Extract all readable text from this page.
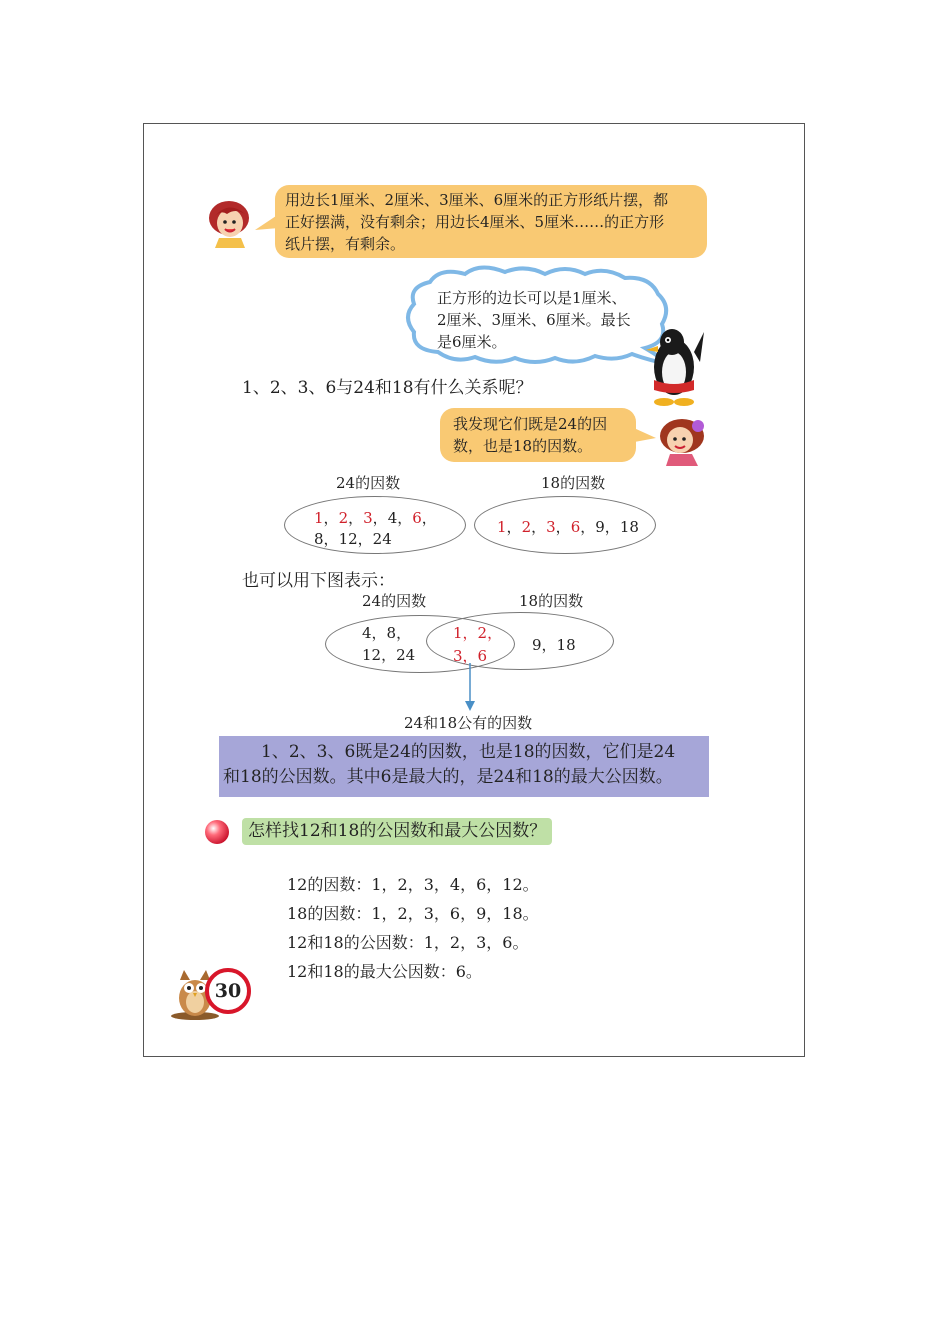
用边长1厘米、2厘米、3厘米、6厘米的正方形纸片摆，都
正好摆满，没有剩余；用边长4厘米、5厘米……的正方形
纸片摆，有剩余。
正方形的边长可以是1厘米、
2厘米、3厘米、6厘米。最长
是6厘米。
1、2、3、6与24和18有什么关系呢？
我发现它们既是24的因
数，也是18的因数。
24的因数	18的因数
1，2，3，4，6，
8，12，24
1，2，3，6，9，18
也可以用下图表示：
24的因数	18的因数
4，8，
12，24
1，2，
3，6
9，18
24和18公有的因数
1、2、3、6既是24的因数，也是18的因数，它们是24
和18的公因数。其中6是最大的，是24和18的最大公因数。
怎样找12和18的公因数和最大公因数？
12的因数：1，2，3，4，6，12。
18的因数：1，2，3，6，9，18。
12和18的公因数：1，2，3，6。
12和18的最大公因数：6。
30
